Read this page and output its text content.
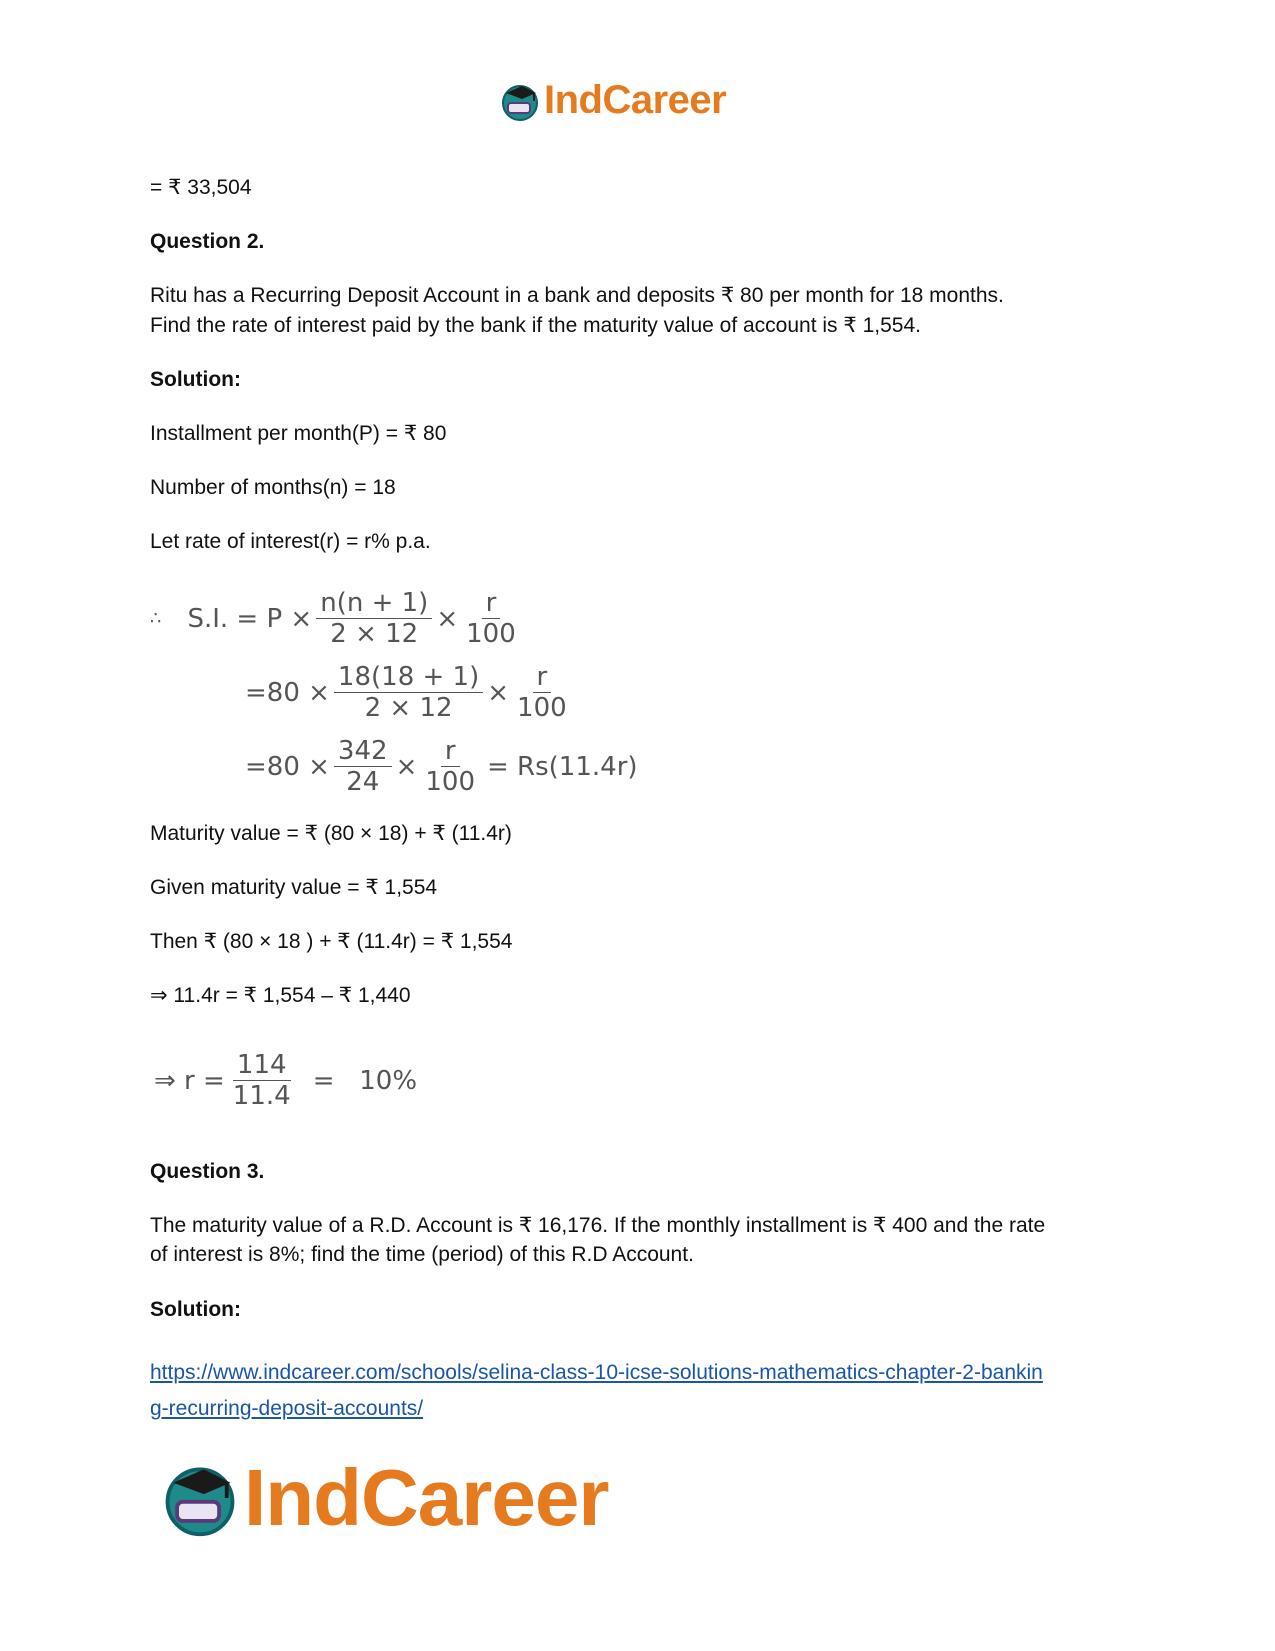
IndCareer
= ₹ 33,504
Question 2.
Ritu has a Recurring Deposit Account in a bank and deposits ₹ 80 per month for 18 months.
Find the rate of interest paid by the bank if the maturity value of account is ₹ 1,554.
Solution:
Installment per month(P) = ₹ 80
Number of months(n) = 18
Let rate of interest(r) = r% p.a.
∴ S.I. = $P \times \frac{n(n + 1)}{2 \times 12} \times \frac{r}{100}$
$=80 \times \frac{18(18 + 1)}{2 \times 12} \times \frac{r}{100}$
$=80 \times \frac{342}{24} \times \frac{r}{100} = Rs(11.4r)$
Maturity value = ₹ (80 × 18) + ₹ (11.4r)
Given maturity value = ₹ 1,554
Then ₹ (80 × 18 ) + ₹ (11.4r) = ₹ 1,554
⇒ 11.4r = ₹ 1,554 – ₹ 1,440
⇒ $r = \frac{114}{11.4} = 10\%$
Question 3.
The maturity value of a R.D. Account is ₹ 16,176. If the monthly installment is ₹ 400 and the rate
of interest is 8%; find the time (period) of this R.D Account.
Solution:
https://www.indcareer.com/schools/selina-class-10-icse-solutions-mathematics-chapter-2-bankin
g-recurring-deposit-accounts/
IndCareer
